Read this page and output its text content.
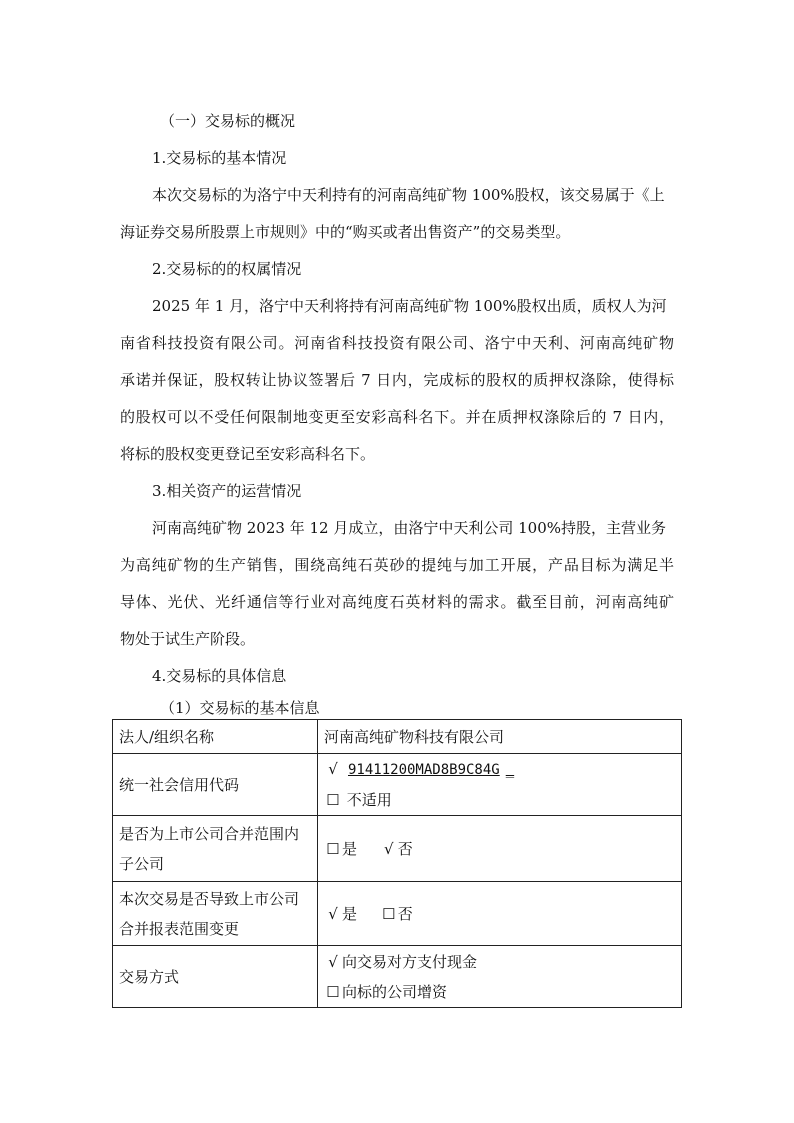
（一）交易标的概况
1.交易标的基本情况
本次交易标的为洛宁中天利持有的河南高纯矿物 100%股权，该交易属于《上
海证券交易所股票上市规则》中的“购买或者出售资产”的交易类型。
2.交易标的的权属情况
2025 年 1 月，洛宁中天利将持有河南高纯矿物 100%股权出质，质权人为河
南省科技投资有限公司。河南省科技投资有限公司、洛宁中天利、河南高纯矿物
承诺并保证，股权转让协议签署后 7 日内，完成标的股权的质押权涤除，使得标
的股权可以不受任何限制地变更至安彩高科名下。并在质押权涤除后的 7 日内，
将标的股权变更登记至安彩高科名下。
3.相关资产的运营情况
河南高纯矿物 2023 年 12 月成立，由洛宁中天利公司 100%持股，主营业务
为高纯矿物的生产销售，围绕高纯石英砂的提纯与加工开展，产品目标为满足半
导体、光伏、光纤通信等行业对高纯度石英材料的需求。截至目前，河南高纯矿
物处于试生产阶段。
4.交易标的具体信息
（1）交易标的基本信息
法人/组织名称	河南高纯矿物科技有限公司
统一社会信用代码	√ 91411200MAD8B9C84G _
☐ 不适用

是否为上市公司合并范围内
子公司	☐ 是 √ 否

本次交易是否导致上市公司
合并报表范围变更	√ 是 ☐ 否
交易方式	√ 向交易对方支付现金
☐ 向标的公司增资
